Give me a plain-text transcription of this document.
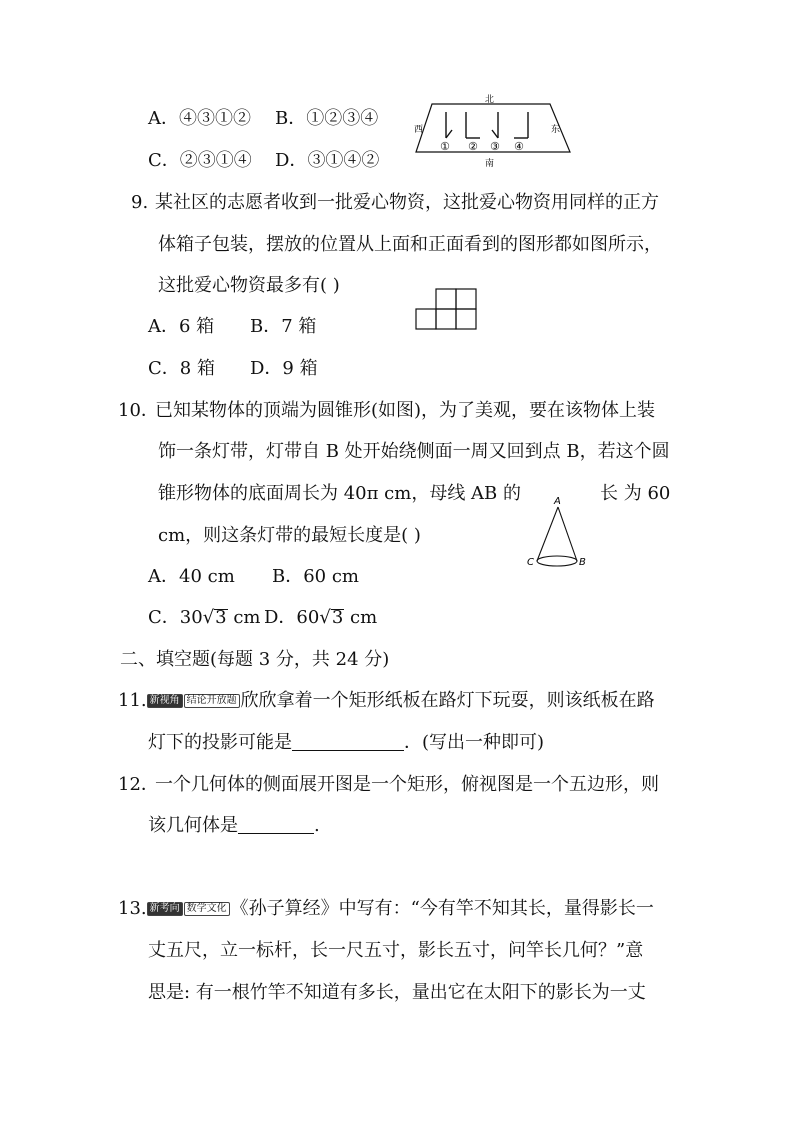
A．④③①② B．①②③④
C．②③①④ D．③①④②
北
南
西	东
① ② ③ ④
9. 某社区的志愿者收到一批爱心物资，这批爱心物资用同样的正方
体箱子包装，摆放的位置从上面和正面看到的图形都如图所示，
这批爱心物资最多有( )
A．6 箱 B．7 箱
C．8 箱 D．9 箱
10．
已知某物体的顶端为圆锥形(如图)，为了美观，要在该物体上装
饰一条灯带，灯带自 B 处开始绕侧面一周又回到点 B，若这个圆
锥形物体的底面周长为 40π cm，母线 AB 的	长 为 60
cm，则这条灯带的最短长度是( )
A．40 cm B．60 cm
C．30√3 cm D．60√3 cm
A
C	B
二、填空题(每题 3 分，共 24 分)
11. 新视角 结论开放题 欣欣拿着一个矩形纸板在路灯下玩耍，则该纸板在路
灯下的投影可能是	．(写出一种即可)
12．
一个几何体的侧面展开图是一个矩形，俯视图是一个五边形，则
该几何体是	.
13. 新考向 数学文化 《孙子算经》中写有：“今有竿不知其长，量得影长一
丈五尺，立一标杆，长一尺五寸，影长五寸，问竿长几何？”意
思是: 有一根竹竿不知道有多长，量出它在太阳下的影长为一丈
